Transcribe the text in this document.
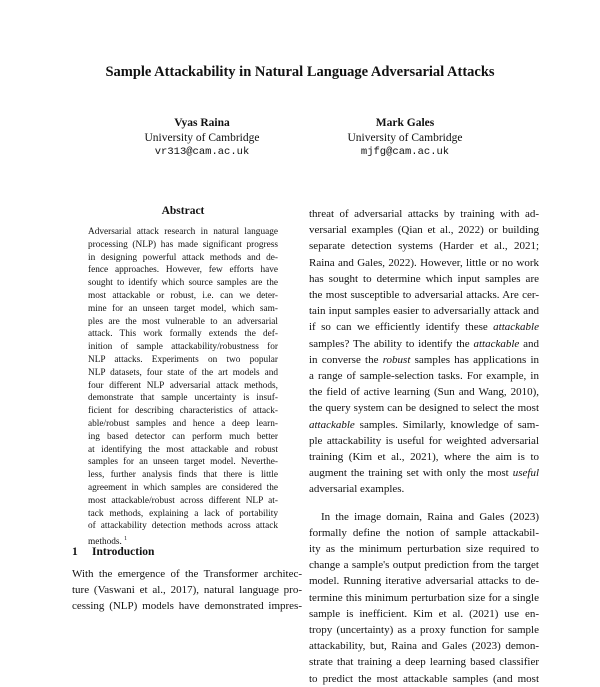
Sample Attackability in Natural Language Adversarial Attacks
Vyas Raina
University of Cambridge
vr313@cam.ac.uk
Mark Gales
University of Cambridge
mjfg@cam.ac.uk
Abstract
Adversarial attack research in natural language
processing (NLP) has made significant progress
in designing powerful attack methods and de-
fence approaches. However, few efforts have
sought to identify which source samples are the
most attackable or robust, i.e. can we deter-
mine for an unseen target model, which sam-
ples are the most vulnerable to an adversarial
attack. This work formally extends the def-
inition of sample attackability/robustness for
NLP attacks. Experiments on two popular
NLP datasets, four state of the art models and
four different NLP adversarial attack methods,
demonstrate that sample uncertainty is insuf-
ficient for describing characteristics of attack-
able/robust samples and hence a deep learn-
ing based detector can perform much better
at identifying the most attackable and robust
samples for an unseen target model. Neverthe-
less, further analysis finds that there is little
agreement in which samples are considered the
most attackable/robust across different NLP at-
tack methods, explaining a lack of portability
of attackability detection methods across attack
methods. $^1$
1 Introduction
With the emergence of the Transformer architec-
ture (Vaswani et al., 2017), natural language pro-
cessing (NLP) models have demonstrated impres-
threat of adversarial attacks by training with ad-
versarial examples (Qian et al., 2022) or building
separate detection systems (Harder et al., 2021;
Raina and Gales, 2022). However, little or no work
has sought to determine which input samples are
the most susceptible to adversarial attacks. Are cer-
tain input samples easier to adversarially attack and
if so can we efficiently identify these attackable
samples? The ability to identify the attackable and
in converse the robust samples has applications in
a range of sample-selection tasks. For example, in
the field of active learning (Sun and Wang, 2010),
the query system can be designed to select the most
attackable samples. Similarly, knowledge of sam-
ple attackability is useful for weighted adversarial
training (Kim et al., 2021), where the aim is to
augment the training set with only the most useful
adversarial examples.
In the image domain, Raina and Gales (2023)
formally define the notion of sample attackabil-
ity as the minimum perturbation size required to
change a sample's output prediction from the target
model. Running iterative adversarial attacks to de-
termine this minimum perturbation size for a single
sample is inefficient. Kim et al. (2021) use en-
tropy (uncertainty) as a proxy function for sample
attackability, but, Raina and Gales (2023) demon-
strate that training a deep learning based classifier
to predict the most attackable samples (and most
